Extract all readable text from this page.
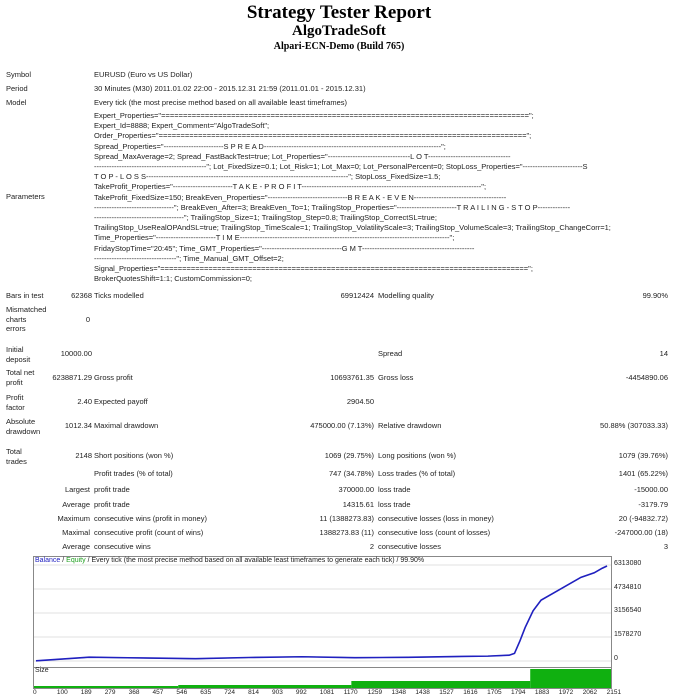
Strategy Tester Report
AlgoTradeSoft
Alpari-ECN-Demo (Build 765)
Symbol	EURUSD (Euro vs US Dollar)
Period	30 Minutes (M30) 2011.01.02 22:00 - 2015.12.31 21:59 (2011.01.01 - 2015.12.31)
Model	Every tick (the most precise method based on all available least timeframes)
Parameters
Expert_Properties="====================================================================================";
Expert_Id=8888; Expert_Comment="AlgoTradeSoft";
Order_Properties="====================================================================================";
Spread_Properties="------------------------S P R E A D-----------------------------------------------------------------------";
Spread_MaxAverage=2; Spread_FastBackTest=true; Lot_Properties="---------------------------------L O T---------------------------------
---------------------------------------------"; Lot_FixedSize=0.1; Lot_Risk=1; Lot_Max=0; Lot_PersonalPercent=0; StopLoss_Properties="------------------------S
T O P - L O S S---------------------------------------------------------------------------------"; StopLoss_FixedSize=1.5;
TakeProfit_Properties="------------------------T A K E - P R O F I T------------------------------------------------------------------------";
TakeProfit_FixedSize=150; BreakEven_Properties="--------------------------------B R E A K - E V E N-------------------------------------
--------------------------------"; BreakEven_After=3; BreakEven_To=1; TrailingStop_Properties="------------------------T R A I L I N G - S T O P-------------
------------------------------------"; TrailingStop_Size=1; TrailingStop_Step=0.8; TrailingStop_CorrectSL=true;
TrailingStop_UseRealOPAndSL=true; TrailingStop_TimeScale=1; TrailingStop_VolatilityScale=3; TrailingStop_VolumeScale=3; TrailingStop_ChangeCorr=1;
Time_Properties="------------------------T I M E------------------------------------------------------------------------------------";
FridayStopTime="20:45"; Time_GMT_Properties="--------------------------------G M T---------------------------------------------
---------------------------------"; Time_Manual_GMT_Offset=2;
Signal_Properties="====================================================================================";
BrokerQuotesShift=1:1; CustomCommission=0;
Bars in test	62368 Ticks modelled	69912424 Modelling quality	99.90%
Mismatched
charts
errors
0
Initial
deposit
10000.00	Spread	14
Total net
profit	6238871.29 Gross profit	10693761.35 Gross loss	-4454890.06
Profit
factor
2.40 Expected payoff	2904.50
Absolute
drawdown
1012.34 Maximal drawdown	475000.00 (7.13%) Relative drawdown	50.88% (307033.33)
Total
trades
2148 Short positions (won %)	1069 (29.75%) Long positions (won %)	1079 (39.76%)
Profit trades (% of total)	747 (34.78%) Loss trades (% of total)	1401 (65.22%)
Largest profit trade	370000.00 loss trade	-15000.00
Average profit trade	14315.61 loss trade	-3179.79
Maximum consecutive wins (profit in money)	11 (1388273.83) consecutive losses (loss in money)	20 (-94832.72)
Maximal consecutive profit (count of wins)	1388273.83 (11) consecutive loss (count of losses)	-247000.00 (18)
Average consecutive wins	2 consecutive losses	3
Balance / Equity / Every tick (the most precise method based on all available least timeframes to generate each tick) / 99.90%	6313080
4734810
3156540
1578270
0
Size
0	100 189 279 368 457 546 635 724 814 903 992 1081 1170 1259 1348 1438 1527 1616 1705 1794 1883 1972 2062 2151
